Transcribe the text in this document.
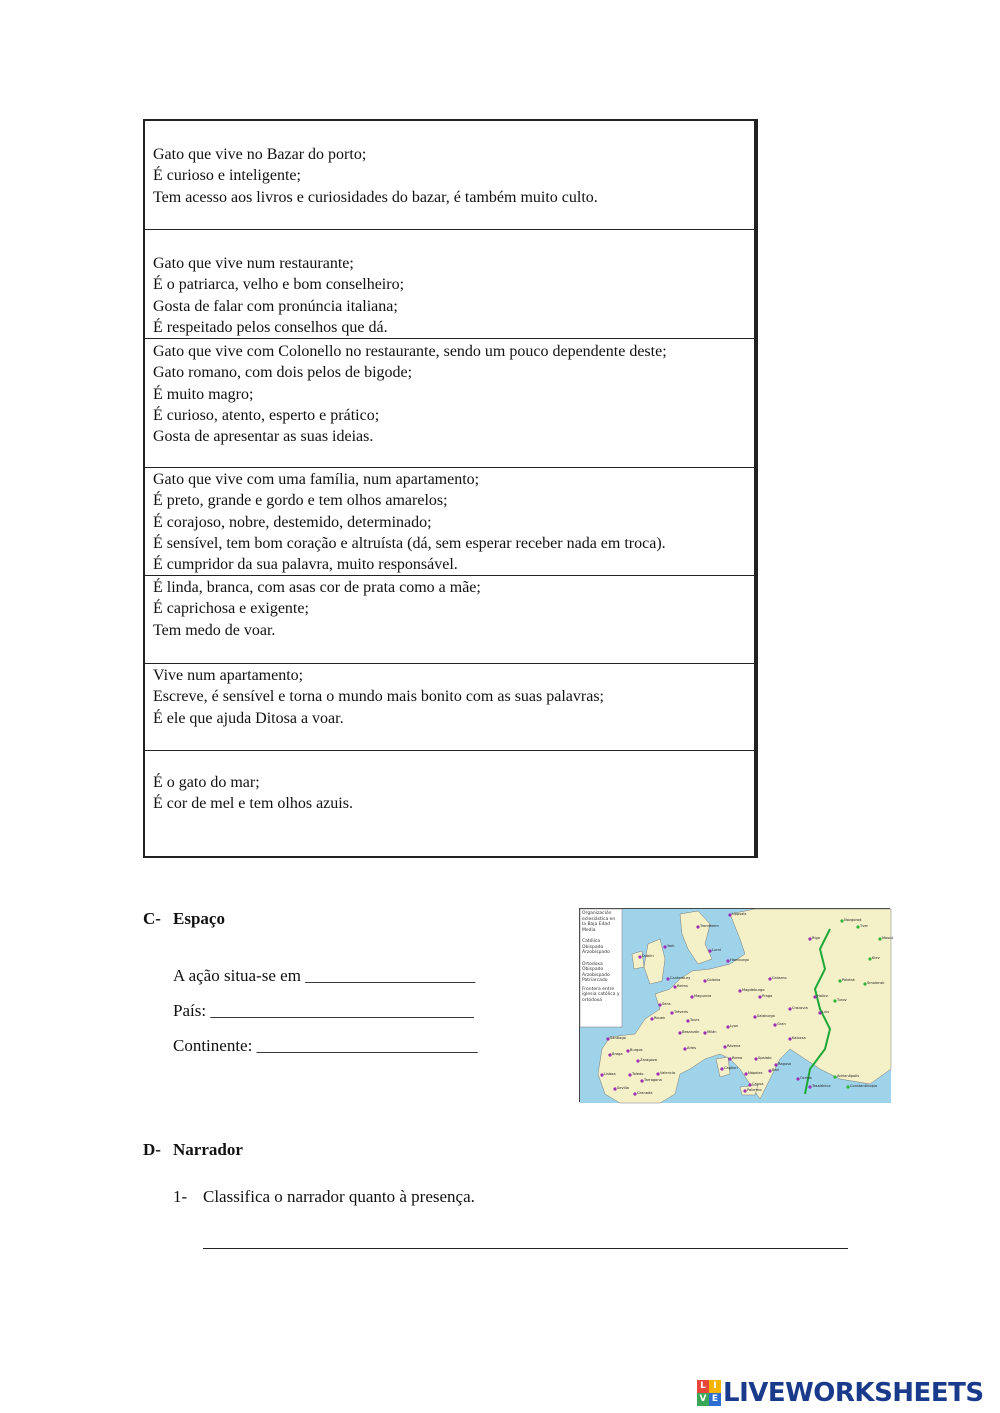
Gato que vive no Bazar do porto;
É curioso e inteligente;
Tem acesso aos livros e curiosidades do bazar, é também muito culto.
Gato que vive num restaurante;
É o patriarca, velho e bom conselheiro;
Gosta de falar com pronúncia italiana;
É respeitado pelos conselhos que dá.
Gato que vive com Colonello no restaurante, sendo um pouco dependente deste;
Gato romano, com dois pelos de bigode;
É muito magro;
É curioso, atento, esperto e prático;
Gosta de apresentar as suas ideias.
Gato que vive com uma família, num apartamento;
É preto, grande e gordo e tem olhos amarelos;
É corajoso, nobre, destemido, determinado;
É sensível, tem bom coração e altruísta (dá, sem esperar receber nada em troca).
É cumpridor da sua palavra, muito responsável.
É linda, branca, com asas cor de prata como a mãe;
É caprichosa e exigente;
Tem medo de voar.
Vive num apartamento;
Escreve, é sensível e torna o mundo mais bonito com as suas palavras;
É ele que ajuda Ditosa a voar.
É o gato do mar;
É cor de mel e tem olhos azuis.
C- Espaço
A ação situa-se em ____________________
País: _______________________________
Continente: __________________________
Organización eclesiástica en la Baja Edad Media
Católica
Obispado
Arzobispado
Ortodoxa
Obispado
Arzobispado
Patriarcado
Frontera entre iglesia católica y ortodoxa
Uppsala
Novgorod
Riga
Trondheim
York
Dublin
Lund
Hamburgo
Canterbury	Colonia
Magdeburgo
Gniezno
Praga
Cracovia
Lviv
Kiev
Tver
Moscú
Smolensk
Polotsk
Turov
Halicz
Reims
Maguncia
Tréveris
Sens
Rouen	Tours
Besanzón
Lyon
Salzburgo
Gran
Kalocsa
Santiago
Braga
Burgos
Toledo
Tarragona
Zaragoza
Lisboa
Sevilla
Granada
Valencia
Arles
Milán
Rávena
Roma
Nápoles
Spalato
Ragusa
Ocrida
Tesalónica	Constantinopla
Adrianópolis
Bari
Cagliari
Palermo
Capua
D- Narrador
1- Classifica o narrador quanto à presença.
L I
V E LIVEWORKSHEETS
